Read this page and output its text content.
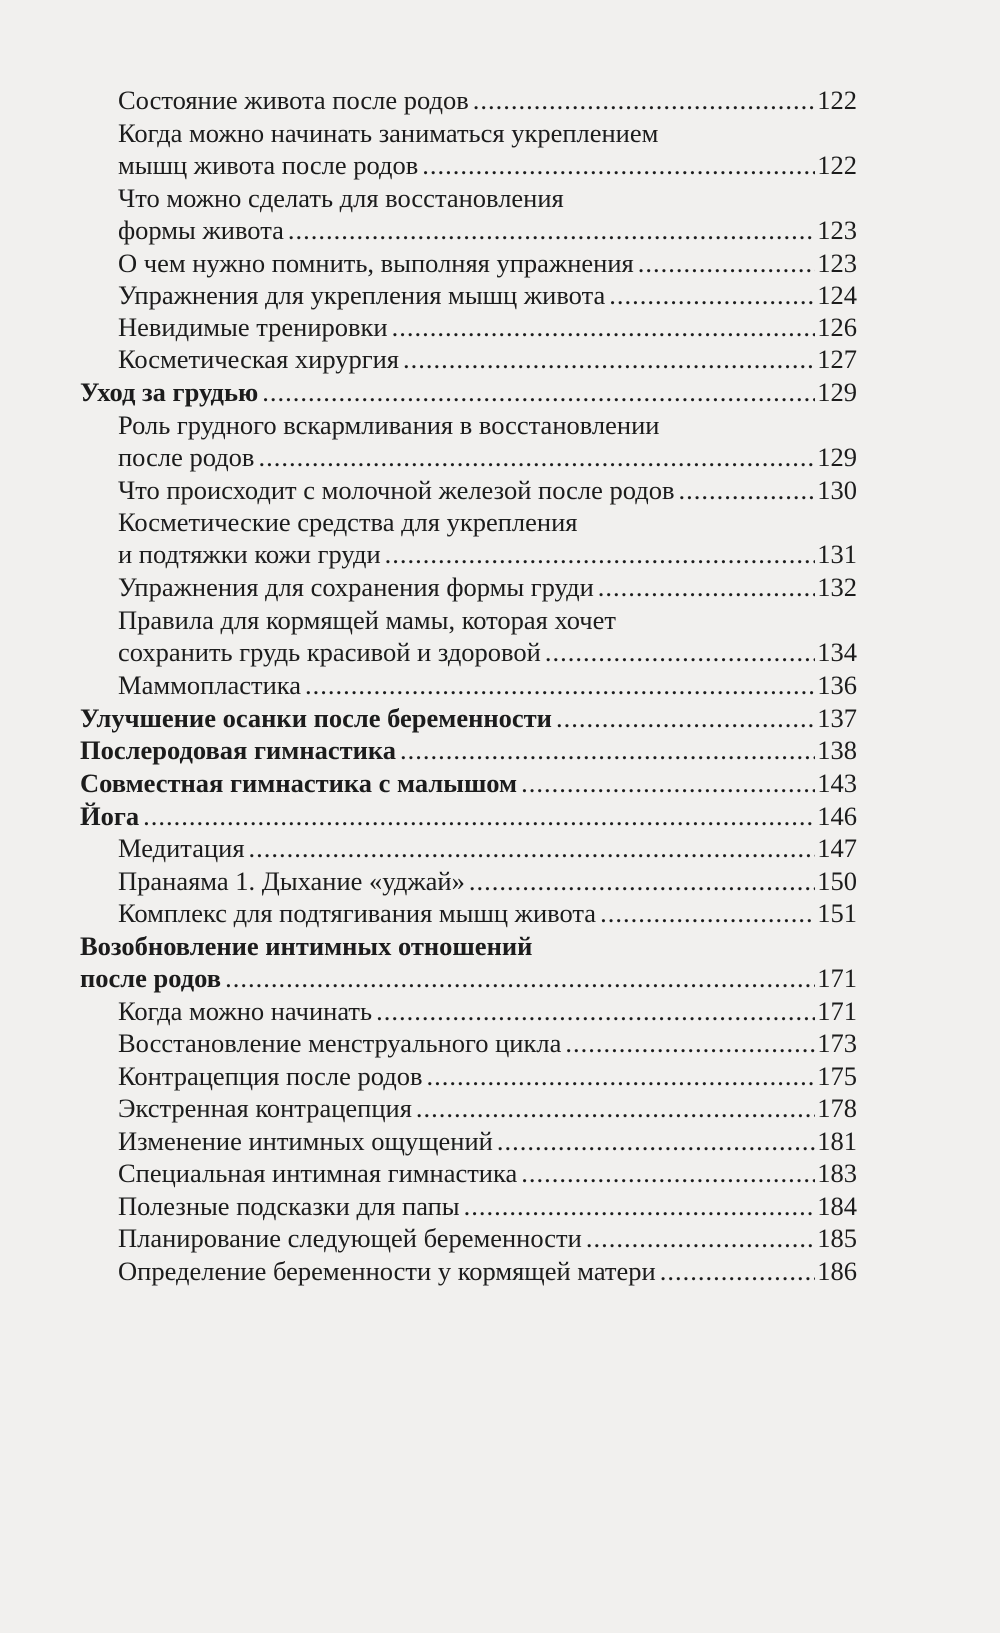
Состояние живота после родов .....	122
Когда можно начинать заниматься укреплением
мышц живота после родов .....	122
Что можно сделать для восстановления
формы живота .....	123
О чем нужно помнить, выполняя упражнения .....	123
Упражнения для укрепления мышц живота .....	124
Невидимые тренировки .....	126
Косметическая хирургия .....	127
Уход за грудью .....	129
Роль грудного вскармливания в восстановлении
после родов .....	129
Что происходит с молочной железой после родов .....	130
Косметические средства для укрепления
и подтяжки кожи груди .....	131
Упражнения для сохранения формы груди .....	132
Правила для кормящей мамы, которая хочет
сохранить грудь красивой и здоровой .....	134
Маммопластика .....	136
Улучшение осанки после беременности .....	137
Послеродовая гимнастика .....	138
Совместная гимнастика с малышом .....	143
Йога .....	146
Медитация .....	147
Пранаяма 1. Дыхание «уджай» .....	150
Комплекс для подтягивания мышц живота .....	151
Возобновление интимных отношений
после родов .....	171
Когда можно начинать .....	171
Восстановление менструального цикла .....	173
Контрацепция после родов .....	175
Экстренная контрацепция .....	178
Изменение интимных ощущений .....	181
Специальная интимная гимнастика .....	183
Полезные подсказки для папы .....	184
Планирование следующей беременности .....	185
Определение беременности у кормящей матери .....	186
